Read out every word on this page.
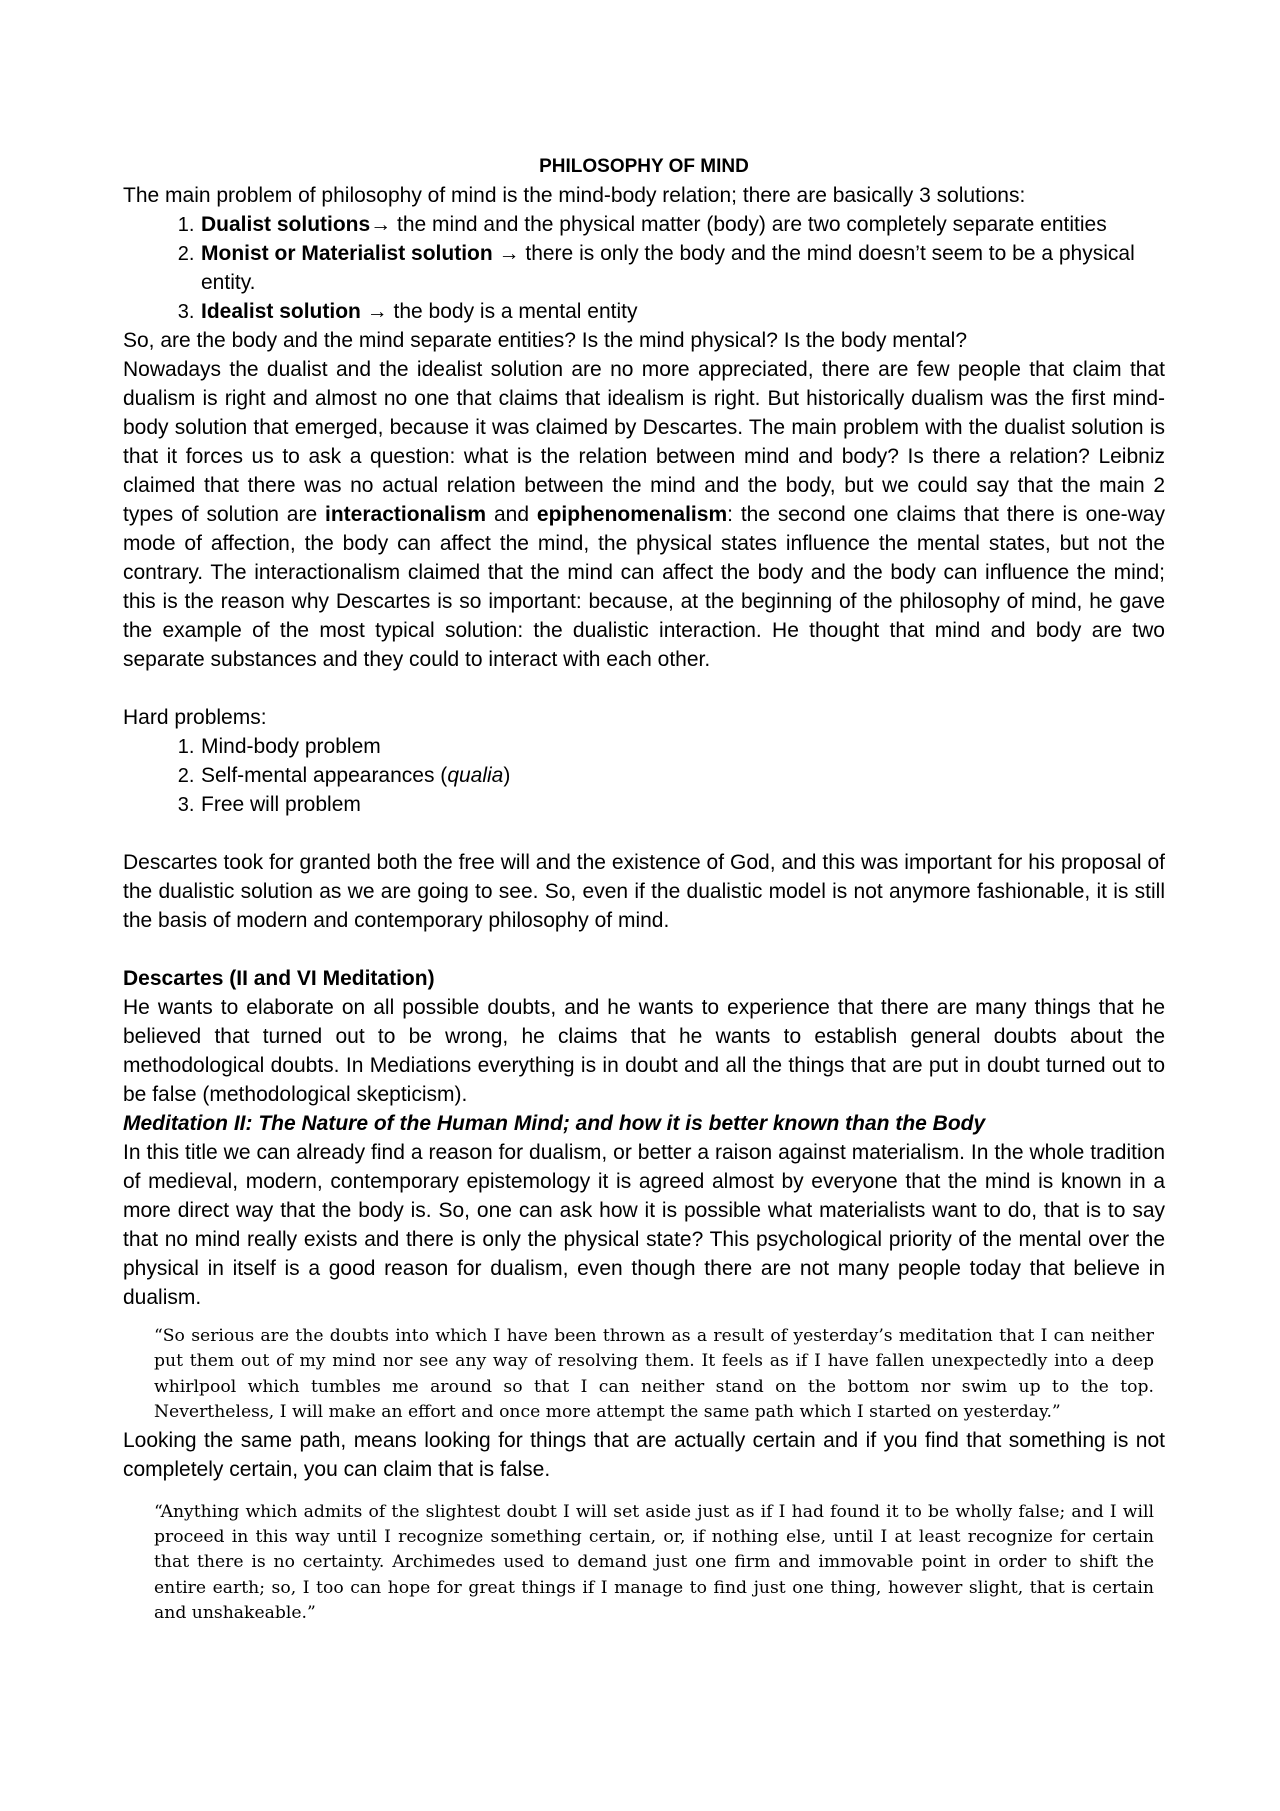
PHILOSOPHY OF MIND

The main problem of philosophy of mind is the mind-body relation; there are basically 3 solutions:

1. Dualist solutions→ the mind and the physical matter (body) are two completely separate entities
2. Monist or Materialist solution → there is only the body and the mind doesn’t seem to be a physical entity.
3. Idealist solution → the body is a mental entity

So, are the body and the mind separate entities? Is the mind physical? Is the body mental?

Nowadays the dualist and the idealist solution are no more appreciated, there are few people that claim that dualism is right and almost no one that claims that idealism is right. But historically dualism was the first mind-body solution that emerged, because it was claimed by Descartes. The main problem with the dualist solution is that it forces us to ask a question: what is the relation between mind and body? Is there a relation? Leibniz claimed that there was no actual relation between the mind and the body, but we could say that the main 2 types of solution are interactionalism and epiphenomenalism: the second one claims that there is one-way mode of affection, the body can affect the mind, the physical states influence the mental states, but not the contrary. The interactionalism claimed that the mind can affect the body and the body can influence the mind; this is the reason why Descartes is so important: because, at the beginning of the philosophy of mind, he gave the example of the most typical solution: the dualistic interaction. He thought that mind and body are two separate substances and they could to interact with each other.

Hard problems:

1. Mind-body problem
2. Self-mental appearances (qualia)
3. Free will problem

Descartes took for granted both the free will and the existence of God, and this was important for his proposal of the dualistic solution as we are going to see. So, even if the dualistic model is not anymore fashionable, it is still the basis of modern and contemporary philosophy of mind.

Descartes (II and VI Meditation)

He wants to elaborate on all possible doubts, and he wants to experience that there are many things that he believed that turned out to be wrong, he claims that he wants to establish general doubts about the methodological doubts. In Mediations everything is in doubt and all the things that are put in doubt turned out to be false (methodological skepticism).

Meditation II: The Nature of the Human Mind; and how it is better known than the Body

In this title we can already find a reason for dualism, or better a raison against materialism. In the whole tradition of medieval, modern, contemporary epistemology it is agreed almost by everyone that the mind is known in a more direct way that the body is. So, one can ask how it is possible what materialists want to do, that is to say that no mind really exists and there is only the physical state? This psychological priority of the mental over the physical in itself is a good reason for dualism, even though there are not many people today that believe in dualism.

“So serious are the doubts into which I have been thrown as a result of yesterday’s meditation that I can neither put them out of my mind nor see any way of resolving them. It feels as if I have fallen unexpectedly into a deep whirlpool which tumbles me around so that I can neither stand on the bottom nor swim up to the top. Nevertheless, I will make an effort and once more attempt the same path which I started on yesterday.”

Looking the same path, means looking for things that are actually certain and if you find that something is not completely certain, you can claim that is false.

“Anything which admits of the slightest doubt I will set aside just as if I had found it to be wholly false; and I will proceed in this way until I recognize something certain, or, if nothing else, until I at least recognize for certain that there is no certainty. Archimedes used to demand just one firm and immovable point in order to shift the entire earth; so, I too can hope for great things if I manage to find just one thing, however slight, that is certain and unshakeable.”
